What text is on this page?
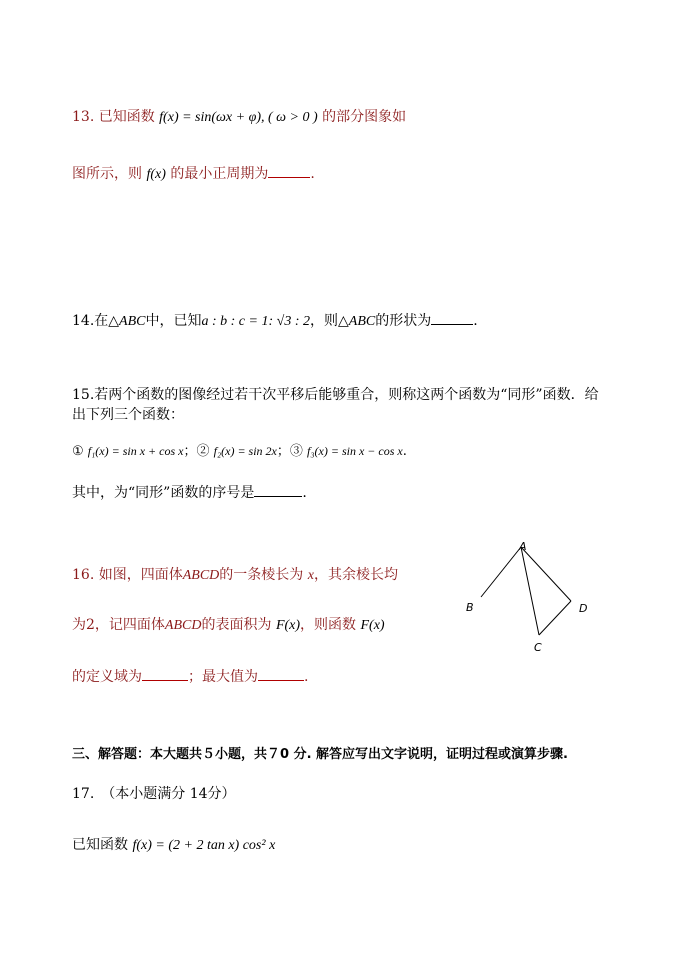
13. 已知函数 f(x) = sin(ωx + φ), ( ω > 0 ) 的部分图象如
图所示，则 f(x) 的最小正周期为	.
14.在△ABC中，已知a : b : c = 1: √3 : 2，则△ABC的形状为	.
15.若两个函数的图像经过若干次平移后能够重合，则称这两个函数为“同形”函数．给
出下列三个函数：
① f₁(x) = sin x + cos x；② f₂(x) = sin 2x；③ f₃(x) = sin x − cos x.
其中，为“同形”函数的序号是	.
16. 如图，四面体ABCD的一条棱长为 x，其余棱长均
为2，记四面体ABCD的表面积为 F(x)，则函数 F(x)
的定义域为	；最大值为	.
A
B
C
D
三、解答题：本大题共５小题，共７0 分. 解答应写出文字说明，证明过程或演算步骤.
17.　（本小题满分 14分）
已知函数 f(x) = (2 + 2 tan x) cos² x
